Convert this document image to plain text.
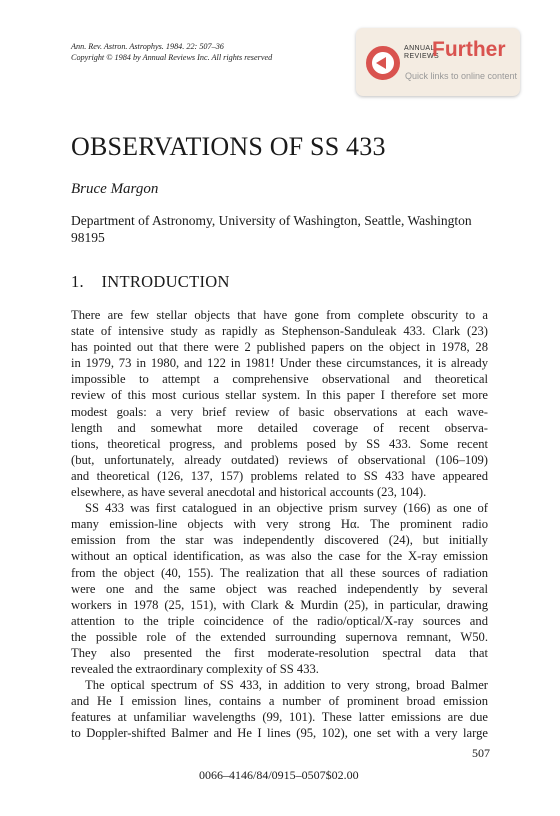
Ann. Rev. Astron. Astrophys. 1984. 22: 507–36
Copyright © 1984 by Annual Reviews Inc. All rights reserved
ANNUAL
REVIEWS
Further
Quick links to online content
OBSERVATIONS OF SS 433
Bruce Margon
Department of Astronomy, University of Washington, Seattle, Washington
98195
1. INTRODUCTION
There are few stellar objects that have gone from complete obscurity to a
state of intensive study as rapidly as Stephenson-Sanduleak 433. Clark (23)
has pointed out that there were 2 published papers on the object in 1978, 28
in 1979, 73 in 1980, and 122 in 1981! Under these circumstances, it is already
impossible to attempt a comprehensive observational and theoretical
review of this most curious stellar system. In this paper I therefore set more
modest goals: a very brief review of basic observations at each wave-
length and somewhat more detailed coverage of recent observa-
tions, theoretical progress, and problems posed by SS 433. Some recent
(but, unfortunately, already outdated) reviews of observational (106–109)
and theoretical (126, 137, 157) problems related to SS 433 have appeared
elsewhere, as have several anecdotal and historical accounts (23, 104).
SS 433 was first catalogued in an objective prism survey (166) as one of
many emission-line objects with very strong Hα. The prominent radio
emission from the star was independently discovered (24), but initially
without an optical identification, as was also the case for the X-ray emission
from the object (40, 155). The realization that all these sources of radiation
were one and the same object was reached independently by several
workers in 1978 (25, 151), with Clark & Murdin (25), in particular, drawing
attention to the triple coincidence of the radio/optical/X-ray sources and
the possible role of the extended surrounding supernova remnant, W50.
They also presented the first moderate-resolution spectral data that
revealed the extraordinary complexity of SS 433.
The optical spectrum of SS 433, in addition to very strong, broad Balmer
and He I emission lines, contains a number of prominent broad emission
features at unfamiliar wavelengths (99, 101). These latter emissions are due
to Doppler-shifted Balmer and He I lines (95, 102), one set with a very large
507
0066–4146/84/0915–0507$02.00
